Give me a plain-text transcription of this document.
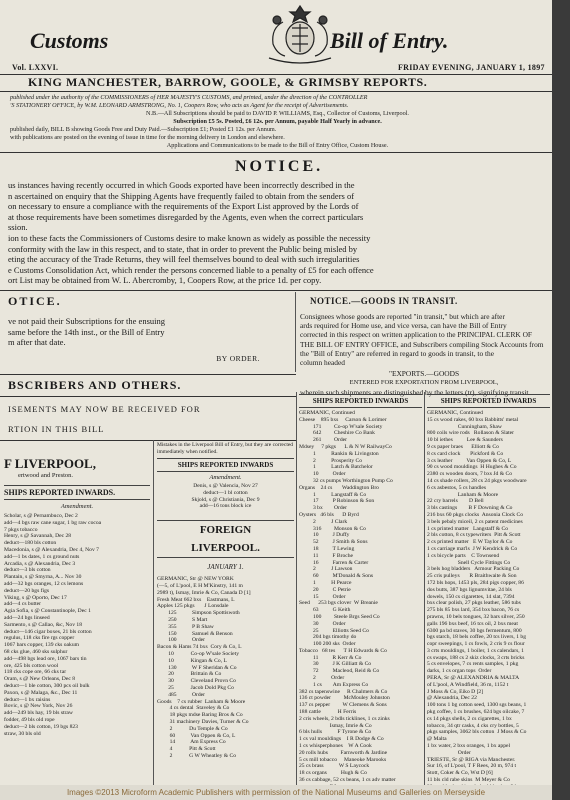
Customs	Bill of Entry.
Vol. LXXVI.	FRIDAY EVENING, JANUARY 1, 1897
KING MANCHESTER, BARROW, GOOLE, & GRIMSBY REPORTS.
published under the authority of the COMMISSIONERS of HER MAJESTY'S CUSTOMS, and printed, under the direction of the CONTROLLER
'S STATIONERY OFFICE, by W.M. LEONARD ARMSTRONG, No. 1, Coopers Row, who acts as Agent for the receipt of Advertisements.
N.B.—All Subscriptions should be paid to DAVID P. WILLIAMS, Esq., Collector of Customs, Liverpool.
Subscription £5 5s. Posted, £6 12s. per Annum, payable Half Yearly in advance.
published daily, BILL B showing Goods Free and Duty Paid.—Subscription £1; Posted £1 12s. per Annum.
with publications are posted on the evening of issue in time for the morning delivery in London and elsewhere.
Applications and Communications to be made to the Bill of Entry Office, Custom House.
NOTICE.
us instances having recently occurred in which Goods exported have been incorrectly described in the
n ascertained on enquiry that the Shipping Agents have frequently failed to obtain from the senders of
on necessary to ensure a compliance with the requirements of the Export List approved by the Lords of
at those requirements have been sometimes disregarded by the Agents, even when the correct particulars
ssion.
ion to these facts the Commissioners of Customs desire to make known as widely as possible the necessity
conformity with the law in this respect, and to state, that in order to prevent the Public being misled by
eting the accuracy of the Trade Returns, they will feel themselves bound to deal with such irregularities
e Customs Consolidation Act, which render the persons concerned liable to a penalty of £5 for each offence
ort List may be obtained from W. L. Abercromby, 1, Coopers Row, at the price 1d. per copy.
OTICE.
ve not paid their Subscriptions for the ensuing
same before the 14th inst., or the Bill of Entry
m after that date.
BY ORDER.
NOTICE.—GOODS IN TRANSIT.
Consignees whose goods are reported "in transit," but which are after
ards required for Home use, and vice versa, can have the Bill of Entry
corrected in this respect on written application to the PRINCIPAL CLERK OF
THE BILL OF ENTRY OFFICE, and Subscribers compiling Stock Accounts from
the "Bill of Entry" are referred in regard to goods in transit, to the
column headed
"EXPORTS.—GOODS
ENTERED FOR EXPORTATION FROM LIVERPOOL,
wherein such shipments are distinguished by the letters (tr), signifying transit
BSCRIBERS AND OTHERS.
ISEMENTS MAY NOW BE RECEIVED FOR
RTION IN THIS BILL
F LIVERPOOL,
ertwood and Preston.
SHIPS REPORTED INWARDS.
Amendment.
Scholar, s @ Pernambuco, Dec 2
add—4 bgs raw cane sugar, 1 bg raw cocoa
7 pkgs tobacco
Henry, s @ Savannah, Dec 28
deduct—180 bls cotton
Macedonia, s @ Alexandria, Dec 4, Nov 7
add—1 bs dates, 1 cs ground nuts
Arcadia, s @ Alexandria, Dec 3
deduct—3 bls cotton
Plantain, s @ Smyrna, A... Nov 30
add—32 bgs oranges, 12 cs lemons
deduct—20 bgs figs
Viking, s @ Oporto, Dec 17
add—4 cs butter
Agia Sofia, s @ Constantinople, Dec 1
add—24 bgs linseed
Sarmento, s @ Callao, &c, Nov 18
deduct—146 cigar boxes, 21 bls cotton
regulus, 118 cks fire rgs copper
1067 bars copper, 139 cks oakum
68 cks glue, 460 sks sulphur
add—498 bgs lead ore, 1067 bars tin
ore, 425 bls cotton wool
118 cks cope ore, 66 cks tar
Oram, s @ New Orleans, Dec 8
deduct—1 ble cotton, 300 pcs oil bulk
Paxon, s @ Malaga, &c., Dec 11
deduct—1 bx raisins
Bovic, s @ New York, Nov 26
add—249 bls hay, 19 bls straw
fodder, 49 bls old rope
deduct—2 bls cotton, 19 bgs 823
straw, 30 bls old
Mistakes in the Liverpool Bill of Entry, but they are corrected immediately when notified.
SHIPS REPORTED INWARDS
Amendment.
Denis, s @ Valencia, Nov 27
deduct—1 bl cotton
Skjold, s @ Christiania, Dec 9
add—16 tons block ice
FOREIGN
LIVERPOOL.
JANUARY 1.
GERMANIC, Str @ NEW YORK
(—5, of L'pool, E H M'Kinstry, 141 m
2989 t), Ismay, Imrie & Co, Canada D [1]
Fresh Meat 662 bxs    Eastmans, L
Apples 125 pkgs       J Lonsdale
125           Simpson Spottiswoth
250           S Mart
355           P B Shaw
150           Samuel & Benson
100           Order
Bacon & Hams 74 bxs  Cory & Co, L
10            Co-op W'sale Society
10            Kingan & Co, L
130           W F Sheridan & Co
20            Brittain & Co
30            Cleveland Provn Co
25            Jacob Dold Pkg Co
485           Order
Goods    7 cs rubber  Lanham & Moore
4 cs dental  Staveley & Co
18 pkgs mdse Baring Bros & Co
31 machinery Davies, Turner & Co
2            Du Temple & Co
60           Van Oppen & Co, L
14           Am Express Co
4            Pitt & Scott
2            G W Wheatley & Co
SHIPS REPORTED INWARDS
GERMANIC, Continued
Cheese    895 bxs     Carson & Lorimer
171         Co-op W'sale Society
642         Cheshire Co Bank
261         Order
Mdsey     7 pkgs      L & N W RailwayCo
1           Rankin & Livingston
2           Prosperity Co
1           Latch & Batchelor
10          Order
32 cs pumps Worthington Pump Co
Organs    24 cs       Waddington Bro
1           Langstaff & Co
17          P Robinson & Son
3 bx        Order
Oysters   46 bls      D Byrd
2           J Clark
316         Monson & Co
10          J Duffy
52          J Smith & Sons
18          T Lewing
11          F Broche
16          Farren & Carter
2           J Lawson
60          M'Donald & Sons
1           H Pearce
20          C Petrie
15          Order
Seed      253 bgs clover  W Breanie
63          G Keith
100         Steele Brgs Seed Co
30          Order
25          Elliotts Seed Co
204 bgs timothy do
100 200 sks  Order
Tobacco   68 tes      T H Edwards & Co
11          R Kerr & Co
30          J K Gilliatt & Co
72          Macleod, Reid & Co
2           Order
1 cs        Am Express Co
382 cs tapenswine     R Chalmers & Co
136 ct powder         McMouley Johnston
137 cs pepper         W Clemens & Sons
188 cattle            H Ferris
2 cris wheels, 2 bdls ticklines, 1 cs zinks
Ismay, Imrie & Co
6 bls hulls           F Tyrone & Co
1 cs val mouldings    I R Dodge & Co
1 cs whisperphones    W A Cook
20 rolls hubs         Farnworth & Jardine
5 cs mill tobacco     Maneoke Marooks
25 cs brass           W S Laycock
18 cs organs          Hugh & Co
36 cs cabbage, 52 cs beans, 1 cs adv matter
SHIPS REPORTED INWARDS
GERMANIC, Continued
15 cs wood rakes, 60 bxs Babbitts' metal
Cunningham, Shaw
800 coils wire rods   Rollason & Slater
10 bl iethes          Lee & Saunders
9 cs paper braes      Elliott & Co
8 cs card clock       Pickford & Co
3 cs leather          Van Oppen & Co, L
90 cs wood mouldings  H Hughes & Co
2380 cs wooden doors, 7 bxs Jd & Co
14 cs shade rollers, 28 cs 24 pkgs woodware
6 cs asbestos, 5 cs handles
Lanham & Moore
22 cry barrels        D Bell
3 bls castings        B F Downing & Co
216 bxs 60 pkgs clocks  Ansonia Clock Co
3 bels pebaly miceil, 2 cs patent medicines
1 cs printed matter   Langstaff & Co
2 bls cotton, 8 cs typewriters  Pitt & Scott
2 cs printed matter   E W Taylor & Co
1 cs carriage mat'ls  J W Kendrick & Co
1 cs bicycle parts    C Townsend
Snell Cycle Fittings Co
3 bels hog bladders   Armour Packing Co
25 cris pulleys       R Braithwaite & Son
172 bls hops, 1453 pls, 284 pigs copper, 86
dos butts, 387 bgs lignumvitae, 24 bls
dowels, 150 cs cigarettes, 14 slat, 7394
bxs clear polish, 27 pkgs leather, 586 tubs
275 bls 85 bxs lard, 354 bxs bacon, 76 cs
prawns, 10 bels tongues, 32 bars silver, 250
galls 196 bxs beef, 16 tcs oil, 2 bxs meat
6300 pa bd staves, 30 bgs fermentum, 800
bgs starch, 18 bels coffee, 20 tcs livers, 1 bg
copr sweepings, 1 cs fowls, 2 cris 9 cs flour
3 crts mouldings, 1 boiler, 1 cs calendars, 1
cs swaps, 188 cs 2 skiz clocks, 3 crts bricks
5 cs envelopes, 7 cs rents samples, 1 pkg
darks, 1 cs organ tops  Order
PERA, Sr @ ALEXANDRIA & MALTA
of L'pool, A Windfield, 36 m, 1152 t
J Moss & Co, Eiko D [2]
@ Alexandria, Dec 22
100 tons 1 bg cotton seed, 1300 sgs beans, 1
pkg coffee, 1 cs brushes, 624 bgs oilcake, 7
cs 14 pkgs shells, 2 cs cigarettes, 1 bx
tobacco, 34 qtr casks, 4 cks cry bottles, 5
pkgs samples, 3062 bls cotton  J Moss & Co
@ Malta
1 bx water, 2 bxs oranges, 1 bx appel
Order
TRIESTE, Sr @ RIGA via Manchester.
Sur 16, of L'pool, T F Rees, 20 m, 974 t
Stott, Coker & Co, Wst D [6]
11 bls cld rabe skins  M Meyer & Co
Images ©2013 Microform Academic Publishers with permission of the National Museums and Galleries on Merseyside
